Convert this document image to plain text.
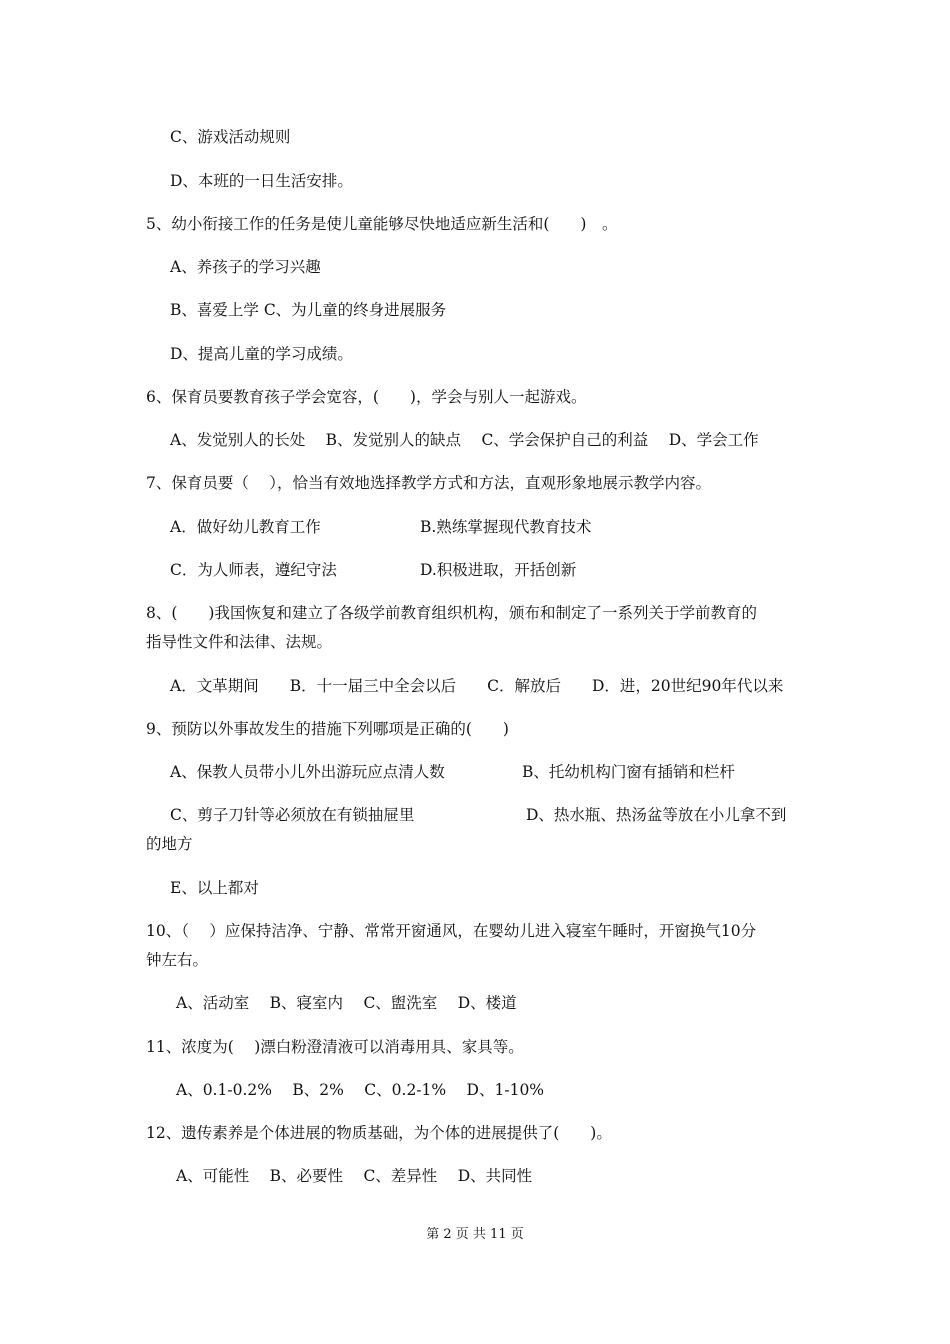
C、游戏活动规则
D、本班的一日生活安排。
5、幼小衔接工作的任务是使儿童能够尽快地适应新生活和(　　)　。
A、养孩子的学习兴趣
B、喜爱上学 C、为儿童的终身进展服务
D、提高儿童的学习成绩。
6、保育员要教育孩子学会宽容，(　　)，学会与别人一起游戏。
A、发觉别人的长处　 B、发觉别人的缺点　 C、学会保护自己的利益　 D、学会工作
7、保育员要（　 ），恰当有效地选择教学方式和方法，直观形象地展示教学内容。
A．做好幼儿教育工作	B.熟练掌握现代教育技术
C．为人师表，遵纪守法	D.积极进取，开括创新
8、(　　)我国恢复和建立了各级学前教育组织机构，颁布和制定了一系列关于学前教育的
指导性文件和法律、法规。
A．文革期间　　B．十一届三中全会以后　　C．解放后　　D．进，20世纪90年代以来
9、预防以外事故发生的措施下列哪项是正确的(　　)
A、保教人员带小儿外出游玩应点清人数	B、托幼机构门窗有插销和栏杆
C、剪子刀针等必须放在有锁抽屉里	D、热水瓶、热汤盆等放在小儿拿不到
的地方
E、以上都对
10、（　 ）应保持洁净、宁静、常常开窗通风，在婴幼儿进入寝室午睡时，开窗换气10分
钟左右。
A、活动室　 B、寝室内　 C、盥洗室　 D、楼道
11、浓度为(　 )漂白粉澄清液可以消毒用具、家具等。
A、0.1-0.2%　 B、2%　 C、0.2-1%　 D、1-10%
12、遗传素养是个体进展的物质基础，为个体的进展提供了(　　)。
A、可能性　 B、必要性　 C、差异性　 D、共同性
第 2 页 共 11 页
